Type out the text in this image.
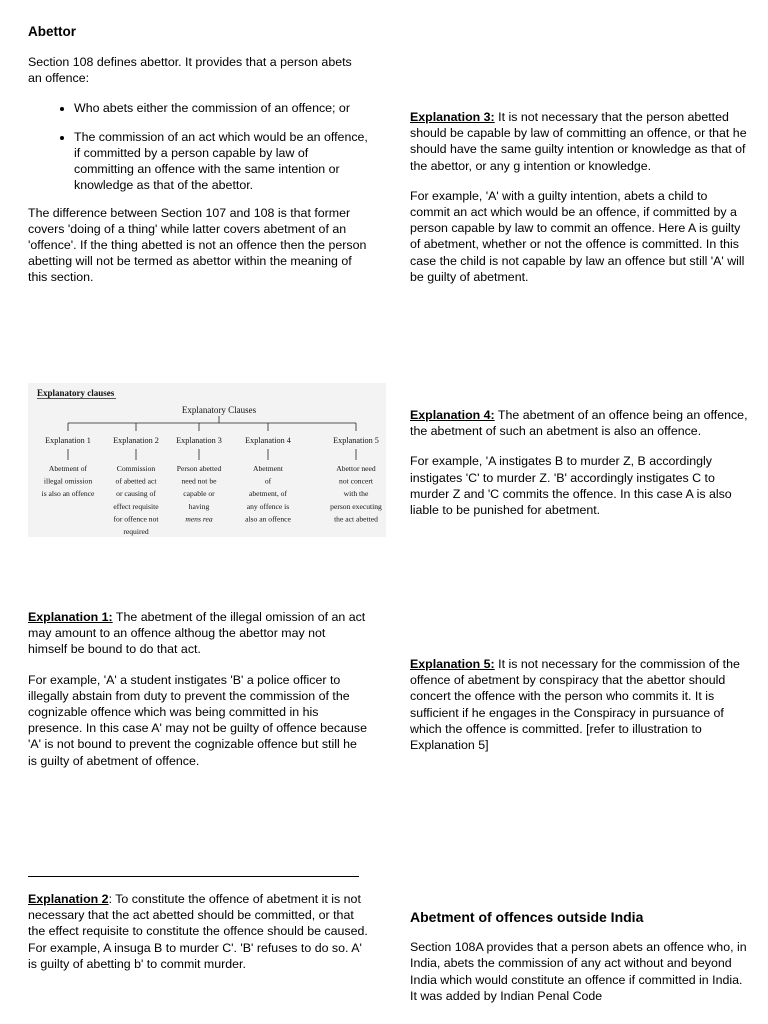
Abettor

Section 108 defines abettor. It provides that a person abets an offence:

• Who abets either the commission of an offence; or
• The commission of an act which would be an offence, if committed by a person capable by law of committing an offence with the same intention or knowledge as that of the abettor.

The difference between Section 107 and 108 is that former covers 'doing of a thing' while latter covers abetment of an 'offence'. If the thing abetted is not an offence then the person abetting will not be termed as abettor within the meaning of this section.

Explanatory clauses
Explanatory Clauses
Explanation 1
Abetment of
illegal omission
is also an offence
Explanation 2
Commission
of abetted act
or causing of
effect requisite
for offence not
required
Explanation 3
Person abetted
need not be
capable or
having
mens rea
Explanation 4
Abetment
of
abetment, of
any offence is
also an offence
Explanation 5
Abettor need
not concert
with the
person executing
the act abetted

Explanation 1: The abetment of the illegal omission of an act may amount to an offence althoug the abettor may not himself be bound to do that act.

For example, 'A' a student instigates 'B' a police officer to illegally abstain from duty to prevent the commission of the cognizable offence which was being committed in his presence. In this case A' may not be guilty of offence because 'A' is not bound to prevent the cognizable offence but still he is guilty of abetment of offence.

Explanation 2: To constitute the offence of abetment it is not necessary that the act abetted should be committed, or that the effect requisite to constitute the offence should be caused. For example, A insuga B to murder C'. 'B' refuses to do so. A' is guilty of abetting b' to commit murder.

Explanation 3: It is not necessary that the person abetted should be capable by law of committing an offence, or that he should have the same guilty intention or knowledge as that of the abettor, or any g intention or knowledge.

For example, 'A' with a guilty intention, abets a child to commit an act which would be an offence, if committed by a person capable by law to commit an offence. Here A is guilty of abetment, whether or not the offence is committed. In this case the child is not capable by law an offence but still 'A' will be guilty of abetment.

Explanation 4: The abetment of an offence being an offence, the abetment of such an abetment is also an offence.

For example, 'A instigates B to murder Z, B accordingly instigates 'C' to murder Z. 'B' accordingly instigates C to murder Z and 'C commits the offence. In this case A is also liable to be punished for abetment.

Explanation 5: It is not necessary for the commission of the offence of abetment by conspiracy that the abettor should concert the offence with the person who commits it. It is sufficient if he engages in the Conspiracy in pursuance of which the offence is committed. [refer to illustration to Explanation 5]

Abetment of offences outside India

Section 108A provides that a person abets an offence who, in India, abets the commission of any act without and beyond India which would constitute an offence if committed in India. It was added by Indian Penal Code
